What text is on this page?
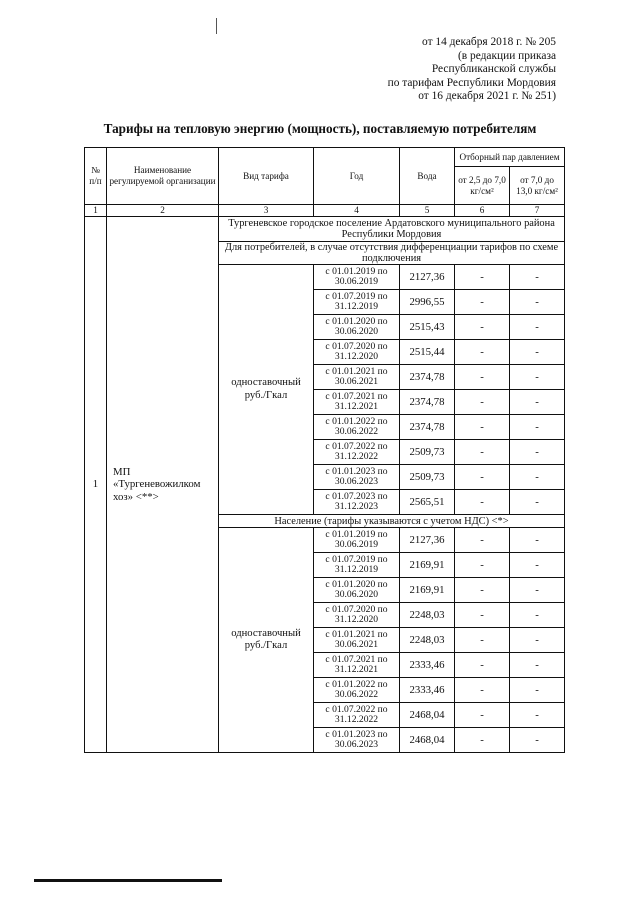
от 14 декабря 2018 г. № 205
(в редакции приказа
Республиканской службы
по тарифам Республики Мордовия
от 16 декабря 2021 г. № 251)
Тарифы на тепловую энергию (мощность), поставляемую потребителям
№ п/п	Наименование регулируемой организации	Вид тарифа	Год	Вода	Отборный пар давлением	
					от 2,5 до 7,0 кг/см²	от 7,0 до 13,0 кг/см²
1	2	3	4	5	6	7
1	МП «Тургеневожилком хоз» <**>	Тургеневское городское поселение Ардатовского муниципального района Республики Мордовия				
		Для потребителей, в случае отсутствия дифференциации тарифов по схеме подключения				
		одноставочный руб./Гкал	с 01.01.2019 по 30.06.2019	2127,36	-	-
			с 01.07.2019 по 31.12.2019	2996,55	-	-
			с 01.01.2020 по 30.06.2020	2515,43	-	-
			с 01.07.2020 по 31.12.2020	2515,44	-	-
			с 01.01.2021 по 30.06.2021	2374,78	-	-
			с 01.07.2021 по 31.12.2021	2374,78	-	-
			с 01.01.2022 по 30.06.2022	2374,78	-	-
			с 01.07.2022 по 31.12.2022	2509,73	-	-
			с 01.01.2023 по 30.06.2023	2509,73	-	-
			с 01.07.2023 по 31.12.2023	2565,51	-	-
		Население (тарифы указываются с учетом НДС) <*>				
		одноставочный руб./Гкал	с 01.01.2019 по 30.06.2019	2127,36	-	-
			с 01.07.2019 по 31.12.2019	2169,91	-	-
			с 01.01.2020 по 30.06.2020	2169,91	-	-
			с 01.07.2020 по 31.12.2020	2248,03	-	-
			с 01.01.2021 по 30.06.2021	2248,03	-	-
			с 01.07.2021 по 31.12.2021	2333,46	-	-
			с 01.01.2022 по 30.06.2022	2333,46	-	-
			с 01.07.2022 по 31.12.2022	2468,04	-	-
			с 01.01.2023 по 30.06.2023	2468,04	-	-
